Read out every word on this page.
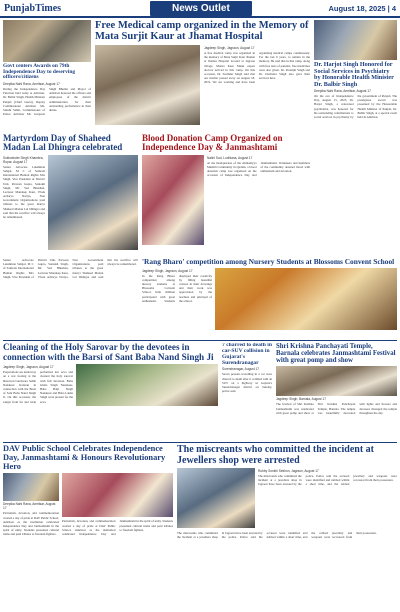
PunjabTimes	News Outlet	August 18, 2025 | 4
Govt centers Awards on 79th Independence Day to deserving officers/citizens
Deepika Nahi Rana, Amritsar, August 17
During the Independence Day Function held today at Amritsar, Dr. Balbir Singh, Health Minister Punjab (Chief Guest), Deputy Commissioner Amritsar Ms. Sakshi Sahni, Commissioner of Police Amritsar Mr. Gurpreet Singh Bhullar and Mayor of Amritsar honored the officers and employees of the district Administration for their outstanding performance in their duties.
Free Medical camp organized in the Memory of Mata Surjit Kaur at Jhamat Hospital
Jagdeep Singh, Jagraon, August 17
A free medical camp was organized in the memory of Mata Surjit Kaur Jhamat at Jhamat Hospital located at Jagraon village. Mansa Kaur Mann expert doctors arrived in this camp. On this occasion, Dr. Surinder Singh said that our mother passed away on August 18, 2019. We are working and have been organizing medical camps continuously. For the last 6 years, to remain in the memory. He said that in this camp, along with free tests of patients, free medicines were also given. Dr. Paramjit Singh and Dr. Davinder Singh also gave their services here.
Dr. Harjot Singh Honored for Social Services in Psychiatry by Honorable Health Minister Dr. Balbir Singh
Deepika Nahi Rana, Amritsar, August 17
On the eve of Independence Day, August 15, 2025, Dr. Harjot Singh, a renowned psychiatrist, was honored for his outstanding contributions to social services in psychiatry by the government of Punjab. The prestigious award was presented by the Honourable Health Minister of Punjab, Dr. Balbir Singh, at a special event held in Amritsar.
Martyrdom Day of Shaheed Madan Lal Dhingra celebrated
Sukhwinder Singh Khambra, Ropar, August 17
Senior Advocate Lakshman Sehgal, M C of Samrala International Human Rights Mrs Singh, Vice President of District Unit, Parveen Gupta, Santokh Singh, Mr. Ved Bhushan, Lecturer Mandeep Kaur, Vivek Acharya Nariya, Non Government Organizations paid tributes to the great martyr Shaheed Madan Lal Dhingra and said that his sacrifice will always be remembered.
Blood Donation Camp Organized on Independence Day & Janmashtami
Nalini Sud, Ludhiana, August 17
At the headquarters of the Ahmadiyya Muslim Community in Qadian, a blood donation camp was organized on the occasion of Independence Day and Janmashtami. Volunteers and members of the community donated blood with enthusiasm and devotion.
'Rang Bharo' competition among Nursery Students at Blossoms Convent School
Jagdeep Singh, Jagraon, August 17
In the Rang Bharo competition among nursery students at Blossoms Convent School, little children participated with great enthusiasm. Students displayed their creativity by filling beautiful colours in their drawings and their work was appreciated by the teachers and principal of the school.
Senior Advocate Lakshman Sehgal, M C of Samrala International Human Rights Mrs Singh, Vice President of District Unit, Parveen Gupta, Santokh Singh, Mr. Ved Bhushan, Lecturer Mandeep Kaur, Vivek Acharya Nariya, Non Government Organizations paid tributes to the great martyr Shaheed Madan Lal Dhingra and said that his sacrifice will always be remembered.
Cleaning of the Holy Sarovar by the devotees in connection with the Barsi of Sant Baba Nand Singh Ji
Jagdeep Singh, Jagraon, August 17
Preparations are underway on a war footing at the historical Gurdwara Sahib Nanaksar Kaleran in connection with the Barsi of Sant Baba Nand Singh Ji. On this occasion, the sangat from far and wide performed kar seva and cleaned the holy sarovar with full devotion. Baba Ghala Singh Nanaksar, Baba Balji Singh Nanaksar and Baba Lakha Singh were present for the seva.
7 charred to death in car-SUV collision in Gujarat's Surendranagar
Surendranagar, August 17
Seven persons travelling in a car were charred to death after it collided with an SUV on a highway in Gujarat's Surendranagar district on Sunday, police said.
Shri Krishna Panchayati Temple, Barnala celebrates Janmashtami Festival with great pomp and show
Jagdeep Singh, Barnala, August 17
The festival of Shri Krishna Janmashtami was celebrated with great pomp and show at Shri Krishna Panchayati Temple, Barnala. The temple was beautifully decorated with lights and flowers and devotees thronged the temple throughout the day.
DAV Public School Celebrates Independence Day, Janmashtami & Honours Revolutionary Hero
Deepika Nahi Rana, Amritsar, August 17
Patriotism, devotion, and commemoration created a day of pride at DAV Public School, Amritsar as the institution celebrated Independence Day and Janmashtami in the spirit of unity. Students presented cultural items and paid tributes to freedom fighters.
Patriotism, devotion, and commemoration created a day of pride at DAV Public School, Amritsar as the institution celebrated Independence Day and Janmashtami in the spirit of unity. Students presented cultural items and paid tributes to freedom fighters.
The miscreants who committed the incident at Jewellers shop were arrested
Rubby Sonkhi Sekhon, Jagraon, August 17
The miscreants who committed the incident at a jewellers shop in Jagraon have been arrested by the police. Police said the accused were identified and nabbed within a short time, and the robbed jewellery and weapons were recovered from their possession.
The miscreants who committed the incident at a jewellers shop in Jagraon have been arrested by the police. Police said the accused were identified and nabbed within a short time, and the robbed jewellery and weapons were recovered from their possession.
